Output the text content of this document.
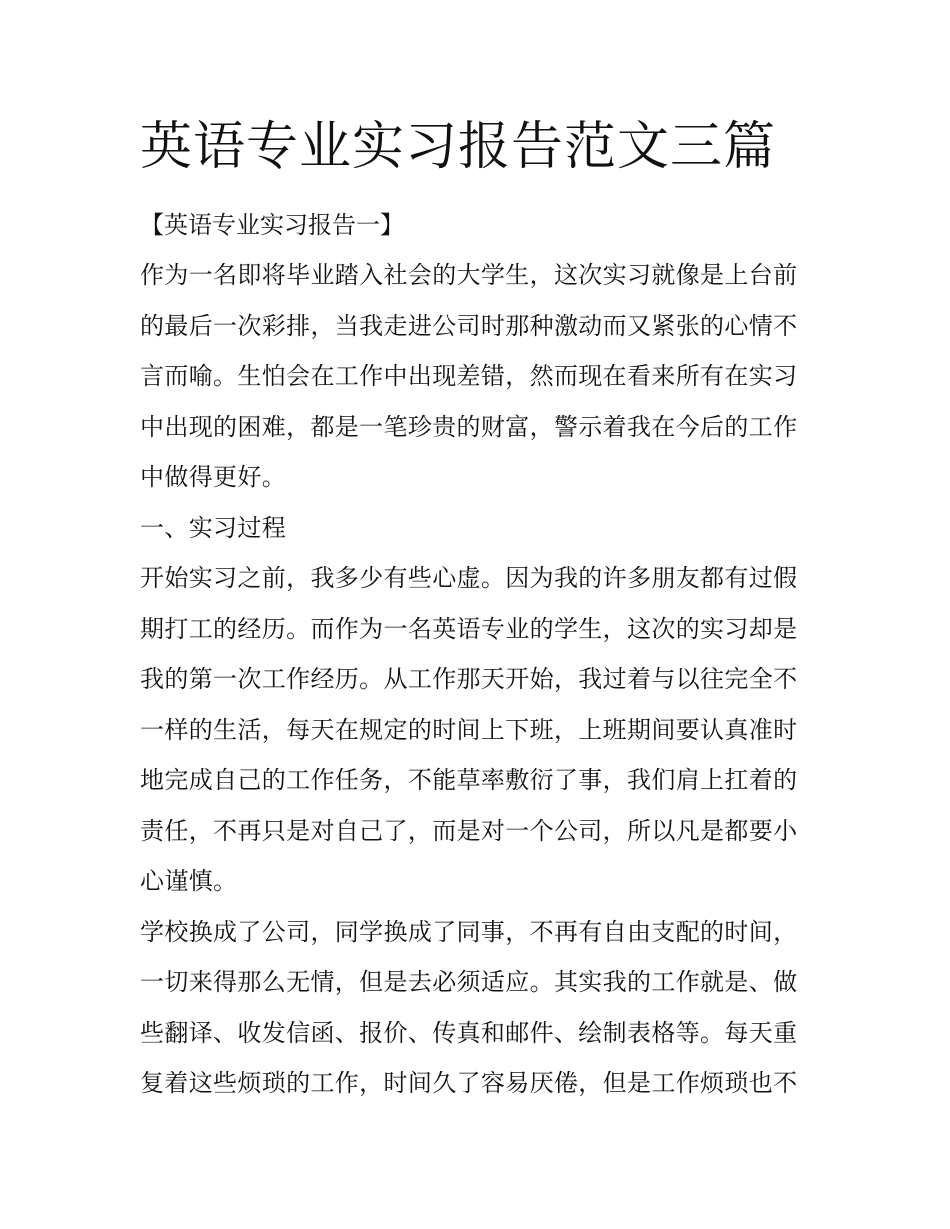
英语专业实习报告范文三篇
【英语专业实习报告一】
作为一名即将毕业踏入社会的大学生，这次实习就像是上台前
的最后一次彩排，当我走进公司时那种激动而又紧张的心情不
言而喻。生怕会在工作中出现差错，然而现在看来所有在实习
中出现的困难，都是一笔珍贵的财富，警示着我在今后的工作
中做得更好。
一、实习过程
开始实习之前，我多少有些心虚。因为我的许多朋友都有过假
期打工的经历。而作为一名英语专业的学生，这次的实习却是
我的第一次工作经历。从工作那天开始，我过着与以往完全不
一样的生活，每天在规定的时间上下班，上班期间要认真准时
地完成自己的工作任务，不能草率敷衍了事，我们肩上扛着的
责任，不再只是对自己了，而是对一个公司，所以凡是都要小
心谨慎。
学校换成了公司，同学换成了同事，不再有自由支配的时间，
一切来得那么无情，但是去必须适应。其实我的工作就是、做
些翻译、收发信函、报价、传真和邮件、绘制表格等。每天重
复着这些烦琐的工作，时间久了容易厌倦，但是工作烦琐也不
